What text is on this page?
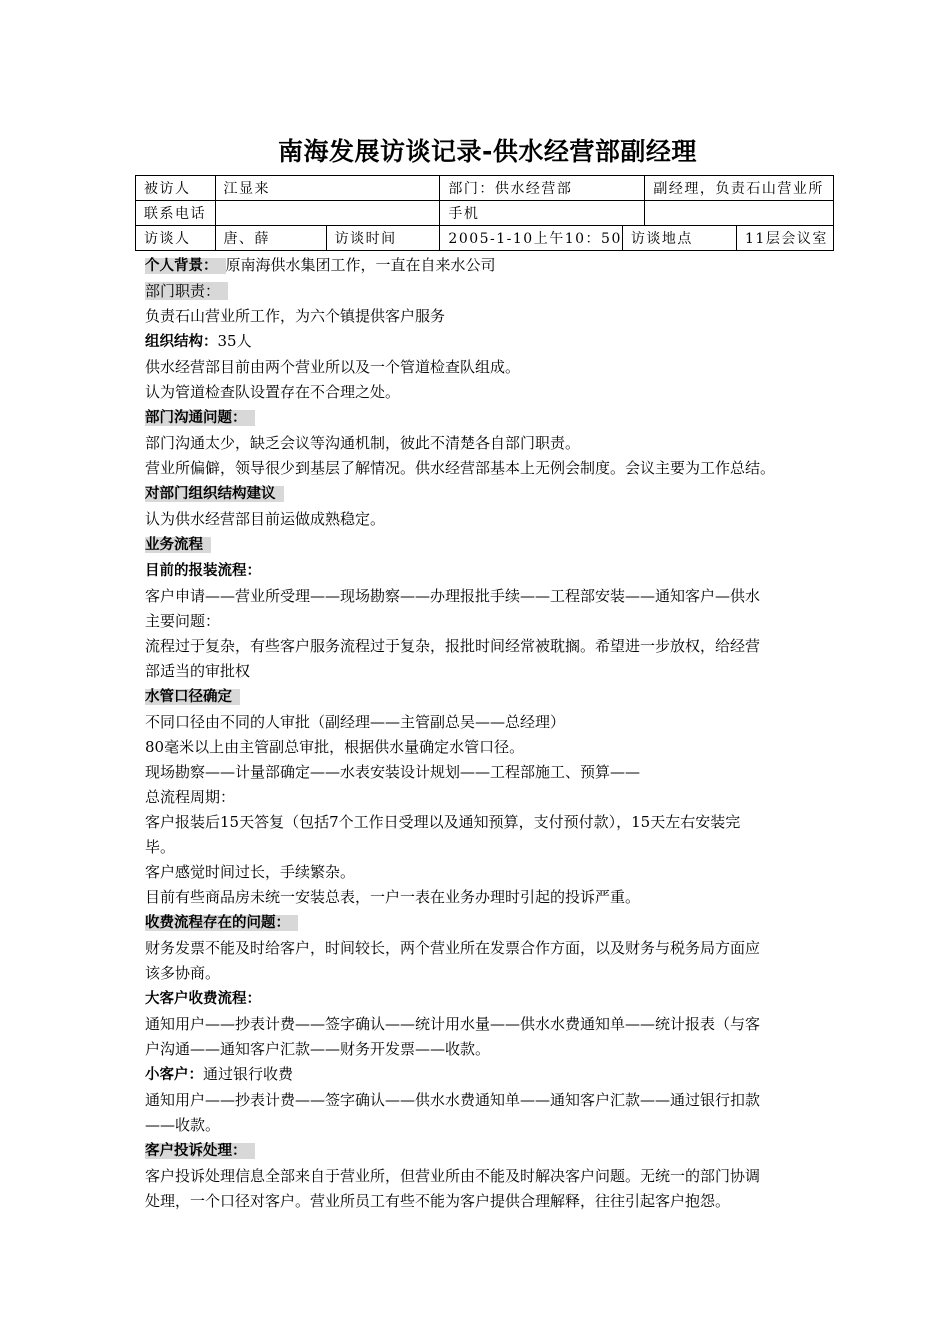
南海发展访谈记录-供水经营部副经理
被访人	江显来		部门：供水经营部		副经理，负责石山营业所	
联系电话			手机			
访谈人	唐、薛	访谈时间	2005-1-10上午10：50	访谈地点		11层会议室

个人背景： 原南海供水集团工作，一直在自来水公司

部门职责：

负责石山营业所工作，为六个镇提供客户服务

组织结构：35人

供水经营部目前由两个营业所以及一个管道检查队组成。

认为管道检查队设置存在不合理之处。

部门沟通问题：

部门沟通太少，缺乏会议等沟通机制，彼此不清楚各自部门职责。

营业所偏僻，领导很少到基层了解情况。供水经营部基本上无例会制度。会议主要为工作总结。

对部门组织结构建议

认为供水经营部目前运做成熟稳定。

业务流程

目前的报装流程：

客户申请——营业所受理——现场勘察——办理报批手续——工程部安装——通知客户—供水

主要问题：

流程过于复杂，有些客户服务流程过于复杂，报批时间经常被耽搁。希望进一步放权，给经营

部适当的审批权

水管口径确定

不同口径由不同的人审批（副经理——主管副总吴——总经理）

80毫米以上由主管副总审批，根据供水量确定水管口径。

现场勘察——计量部确定——水表安装设计规划——工程部施工、预算——

总流程周期：

客户报装后15天答复（包括7个工作日受理以及通知预算，支付预付款），15天左右安装完

毕。

客户感觉时间过长，手续繁杂。

目前有些商品房未统一安装总表，一户一表在业务办理时引起的投诉严重。

收费流程存在的问题：

财务发票不能及时给客户，时间较长，两个营业所在发票合作方面，以及财务与税务局方面应

该多协商。

大客户收费流程：

通知用户——抄表计费——签字确认——统计用水量——供水水费通知单——统计报表（与客

户沟通——通知客户汇款——财务开发票——收款。

小客户：通过银行收费

通知用户——抄表计费——签字确认——供水水费通知单——通知客户汇款——通过银行扣款

——收款。

客户投诉处理：

客户投诉处理信息全部来自于营业所，但营业所由不能及时解决客户问题。无统一的部门协调

处理，一个口径对客户。营业所员工有些不能为客户提供合理解释，往往引起客户抱怨。
